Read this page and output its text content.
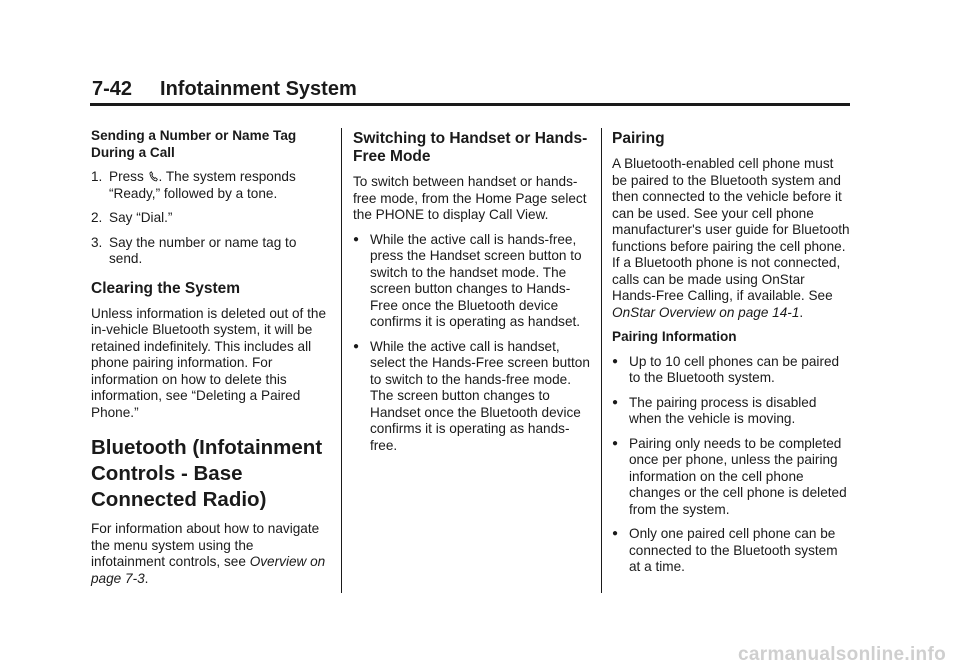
7-42 Infotainment System

Sending a Number or Name Tag During a Call

1. Press . The system responds “Ready,” followed by a tone.
2. Say “Dial.”
3. Say the number or name tag to send.
Clearing the System

Unless information is deleted out of the in-vehicle Bluetooth system, it will be retained indefinitely. This includes all phone pairing information. For information on how to delete this information, see “Deleting a Paired Phone.”

Bluetooth (Infotainment Controls - Base Connected Radio)

For information about how to navigate the menu system using the infotainment controls, see Overview on page 7-3.

Switching to Handset or Hands-Free Mode

To switch between handset or hands-free mode, from the Home Page select the PHONE to display Call View.

● While the active call is hands-free, press the Handset screen button to switch to the handset mode. The screen button changes to Hands-Free once the Bluetooth device confirms it is operating as handset.
● While the active call is handset, select the Hands-Free screen button to switch to the hands-free mode. The screen button changes to Handset once the Bluetooth device confirms it is operating as hands-free.
Pairing

A Bluetooth-enabled cell phone must be paired to the Bluetooth system and then connected to the vehicle before it can be used. See your cell phone manufacturer's user guide for Bluetooth functions before pairing the cell phone. If a Bluetooth phone is not connected, calls can be made using OnStar Hands-Free Calling, if available. See OnStar Overview on page 14-1.

Pairing Information

● Up to 10 cell phones can be paired to the Bluetooth system.
● The pairing process is disabled when the vehicle is moving.
● Pairing only needs to be completed once per phone, unless the pairing information on the cell phone changes or the cell phone is deleted from the system.
● Only one paired cell phone can be connected to the Bluetooth system at a time.
carmanualsonline.info
